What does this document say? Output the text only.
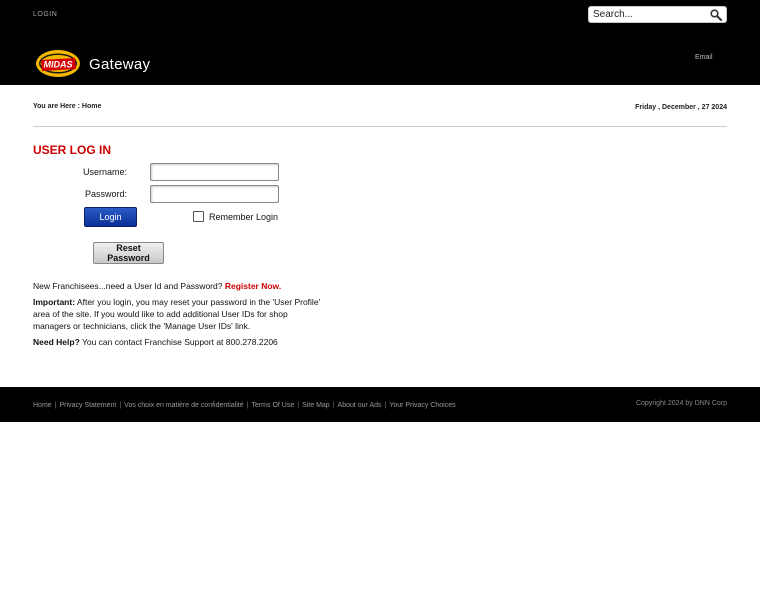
LOGIN
Search...
MIDAS Gateway	Email
You are Here : Home	Friday , December , 27 2024
USER LOG IN
Username:
Password:
Login	Remember Login
Reset Password
New Franchisees...need a User Id and Password? Register Now.
Important: After you login, you may reset your password in the 'User Profile'
area of the site. If you would like to add additional User IDs for shop
managers or technicians, click the 'Manage User IDs' link.
Need Help? You can contact Franchise Support at 800.278.2206
Home | Privacy Statement | Vos choix en matière de confidentialité | Terms Of Use | Site Map | About our Ads | Your Privacy Choices	Copyright 2024 by DNN Corp
